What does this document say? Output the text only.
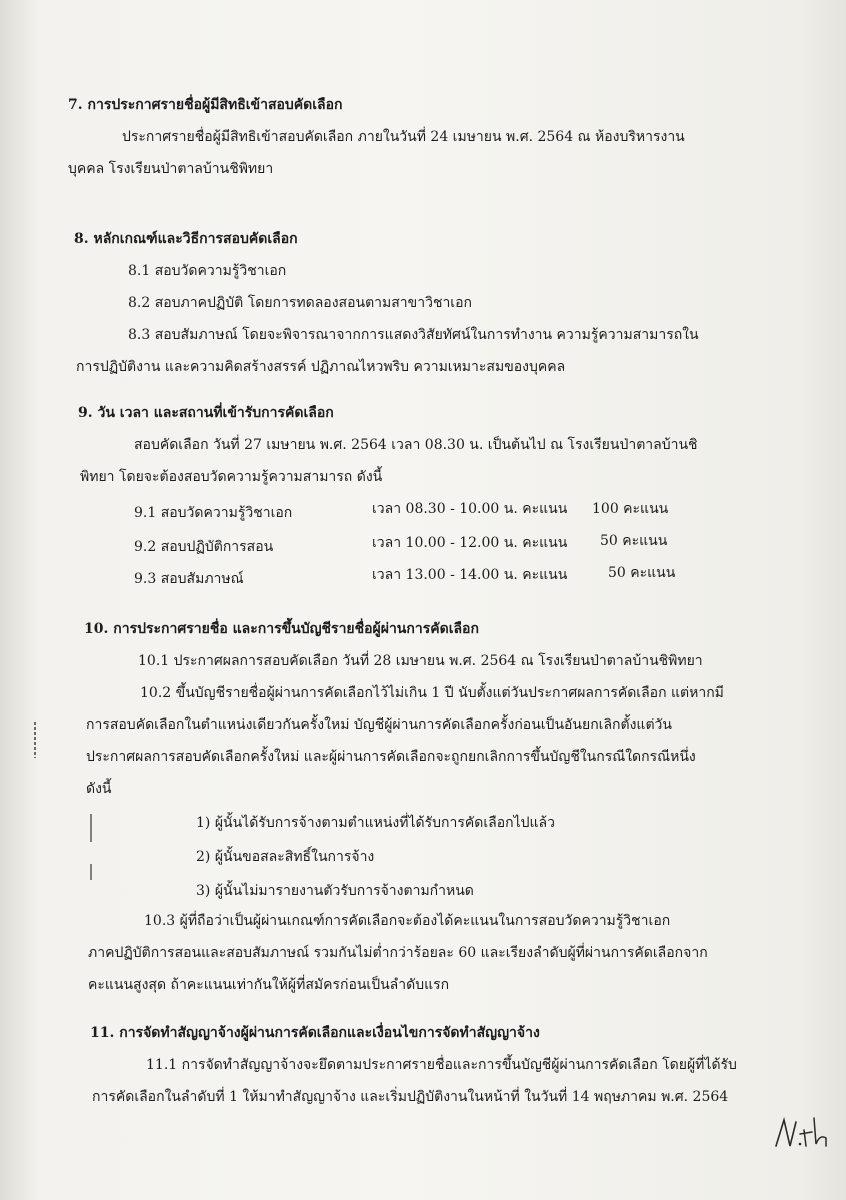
7. การประกาศรายชื่อผู้มีสิทธิเข้าสอบคัดเลือก
ประกาศรายชื่อผู้มีสิทธิเข้าสอบคัดเลือก ภายในวันที่ 24 เมษายน พ.ศ. 2564 ณ ห้องบริหารงาน
บุคคล โรงเรียนป่าตาลบ้านชิพิทยา
8. หลักเกณฑ์และวิธีการสอบคัดเลือก
8.1 สอบวัดความรู้วิชาเอก
8.2 สอบภาคปฏิบัติ โดยการทดลองสอนตามสาขาวิชาเอก
8.3 สอบสัมภาษณ์ โดยจะพิจารณาจากการแสดงวิสัยทัศน์ในการทำงาน ความรู้ความสามารถใน
การปฏิบัติงาน และความคิดสร้างสรรค์ ปฏิภาณไหวพริบ ความเหมาะสมของบุคคล
9. วัน เวลา และสถานที่เข้ารับการคัดเลือก
สอบคัดเลือก วันที่ 27 เมษายน พ.ศ. 2564 เวลา 08.30 น. เป็นต้นไป ณ โรงเรียนป่าตาลบ้านชิ
พิทยา โดยจะต้องสอบวัดความรู้ความสามารถ ดังนี้
9.1 สอบวัดความรู้วิชาเอก	เวลา 08.30 - 10.00 น. คะแนน 100 คะแนน
9.2 สอบปฏิบัติการสอน	เวลา 10.00 - 12.00 น. คะแนน 50 คะแนน
9.3 สอบสัมภาษณ์	เวลา 13.00 - 14.00 น. คะแนน	50 คะแนน
10. การประกาศรายชื่อ และการขึ้นบัญชีรายชื่อผู้ผ่านการคัดเลือก
10.1 ประกาศผลการสอบคัดเลือก วันที่ 28 เมษายน พ.ศ. 2564 ณ โรงเรียนป่าตาลบ้านชิพิทยา
10.2 ขึ้นบัญชีรายชื่อผู้ผ่านการคัดเลือกไว้ไม่เกิน 1 ปี นับตั้งแต่วันประกาศผลการคัดเลือก แต่หากมี
การสอบคัดเลือกในตำแหน่งเดียวกันครั้งใหม่ บัญชีผู้ผ่านการคัดเลือกครั้งก่อนเป็นอันยกเลิกตั้งแต่วัน
ประกาศผลการสอบคัดเลือกครั้งใหม่ และผู้ผ่านการคัดเลือกจะถูกยกเลิกการขึ้นบัญชีในกรณีใดกรณีหนึ่ง
ดังนี้
1) ผู้นั้นได้รับการจ้างตามตำแหน่งที่ได้รับการคัดเลือกไปแล้ว
2) ผู้นั้นขอสละสิทธิ์ในการจ้าง
3) ผู้นั้นไม่มารายงานตัวรับการจ้างตามกำหนด
10.3 ผู้ที่ถือว่าเป็นผู้ผ่านเกณฑ์การคัดเลือกจะต้องได้คะแนนในการสอบวัดความรู้วิชาเอก
ภาคปฏิบัติการสอนและสอบสัมภาษณ์ รวมกันไม่ต่ำกว่าร้อยละ 60 และเรียงลำดับผู้ที่ผ่านการคัดเลือกจาก
คะแนนสูงสุด ถ้าคะแนนเท่ากันให้ผู้ที่สมัครก่อนเป็นลำดับแรก
11. การจัดทำสัญญาจ้างผู้ผ่านการคัดเลือกและเงื่อนไขการจัดทำสัญญาจ้าง
11.1 การจัดทำสัญญาจ้างจะยึดตามประกาศรายชื่อและการขึ้นบัญชีผู้ผ่านการคัดเลือก โดยผู้ที่ได้รับ
การคัดเลือกในลำดับที่ 1 ให้มาทำสัญญาจ้าง และเริ่มปฏิบัติงานในหน้าที่ ในวันที่ 14 พฤษภาคม พ.ศ. 2564
